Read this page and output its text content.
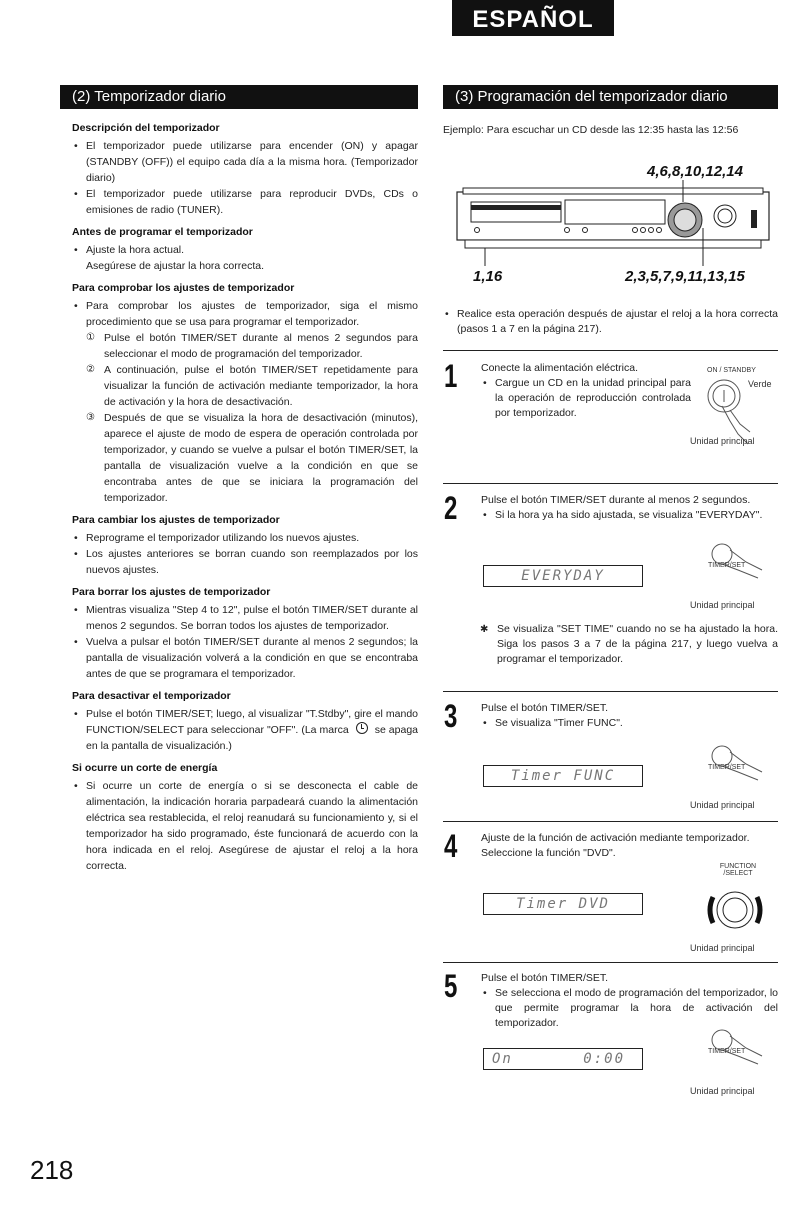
ESPAÑOL
(2) Temporizador diario
Descripción del temporizador
• El temporizador puede utilizarse para encender (ON) y apagar (STANDBY (OFF)) el equipo cada día a la misma hora. (Temporizador diario)
• El temporizador puede utilizarse para reproducir DVDs, CDs o emisiones de radio (TUNER).
Antes de programar el temporizador
• Ajuste la hora actual.

Asegúrese de ajustar la hora correcta.

Para comprobar los ajustes de temporizador
• Para comprobar los ajustes de temporizador, siga el mismo procedimiento que se usa para programar el temporizador.
① Pulse el botón TIMER/SET durante al menos 2 segundos para seleccionar el modo de programación del temporizador.
② A continuación, pulse el botón TIMER/SET repetidamente para visualizar la función de activación mediante temporizador, la hora de activación y la hora de desactivación.
③ Después de que se visualiza la hora de desactivación (minutos), aparece el ajuste de modo de espera de operación controlada por temporizador, y cuando se vuelve a pulsar el botón TIMER/SET, la pantalla de visualización vuelve a la condición en que se encontraba antes de que se iniciara la programación del temporizador.
Para cambiar los ajustes de temporizador
• Reprograme el temporizador utilizando los nuevos ajustes.
• Los ajustes anteriores se borran cuando son reemplazados por los nuevos ajustes.
Para borrar los ajustes de temporizador
• Mientras visualiza "Step 4 to 12", pulse el botón TIMER/SET durante al menos 2 segundos. Se borran todos los ajustes de temporizador.
• Vuelva a pulsar el botón TIMER/SET durante al menos 2 segundos; la pantalla de visualización volverá a la condición en que se encontraba antes de que se programara el temporizador.
Para desactivar el temporizador
• Pulse el botón TIMER/SET; luego, al visualizar "T.Stdby", gire el mando FUNCTION/SELECT para seleccionar "OFF". (La marca se apaga en la pantalla de visualización.)
Si ocurre un corte de energía
• Si ocurre un corte de energía o si se desconecta el cable de alimentación, la indicación horaria parpadeará cuando la alimentación eléctrica sea restablecida, el reloj reanudará su funcionamiento y, si el temporizador ha sido programado, éste funcionará de acuerdo con la hora indicada en el reloj. Asegúrese de ajustar el reloj a la hora correcta.
218
(3) Programación del temporizador diario
Ejemplo: Para escuchar un CD desde las 12:35 hasta las 12:56
4,6,8,10,12,14
1,16	2,3,5,7,9,11,13,15
• Realice esta operación después de ajustar el reloj a la hora correcta (pasos 1 a 7 en la página 217).
1 Conecte la alimentación eléctrica.
• Cargue un CD en la unidad principal para la operación de reproducción controlada por temporizador.
ON / STANDBY
Verde
Unidad principal
2 Pulse el botón TIMER/SET durante al menos 2 segundos.
• Si la hora ya ha sido ajustada, se visualiza "EVERYDAY".
EVERYDAY
TIMER/SET
Unidad principal
✱ Se visualiza "SET TIME" cuando no se ha ajustado la hora. Siga los pasos 3 a 7 de la página 217, y luego vuelva a programar el temporizador.
3 Pulse el botón TIMER/SET.
• Se visualiza "Timer FUNC".
Timer FUNC
TIMER/SET
Unidad principal
4 Ajuste de la función de activación mediante temporizador.
Seleccione la función "DVD".
FUNCTION /SELECT
Timer DVD
Unidad principal
5 Pulse el botón TIMER/SET.
• Se selecciona el modo de programación del temporizador, lo que permite programar la hora de activación del temporizador.
On	0:00	TIMER/SET
Unidad principal
